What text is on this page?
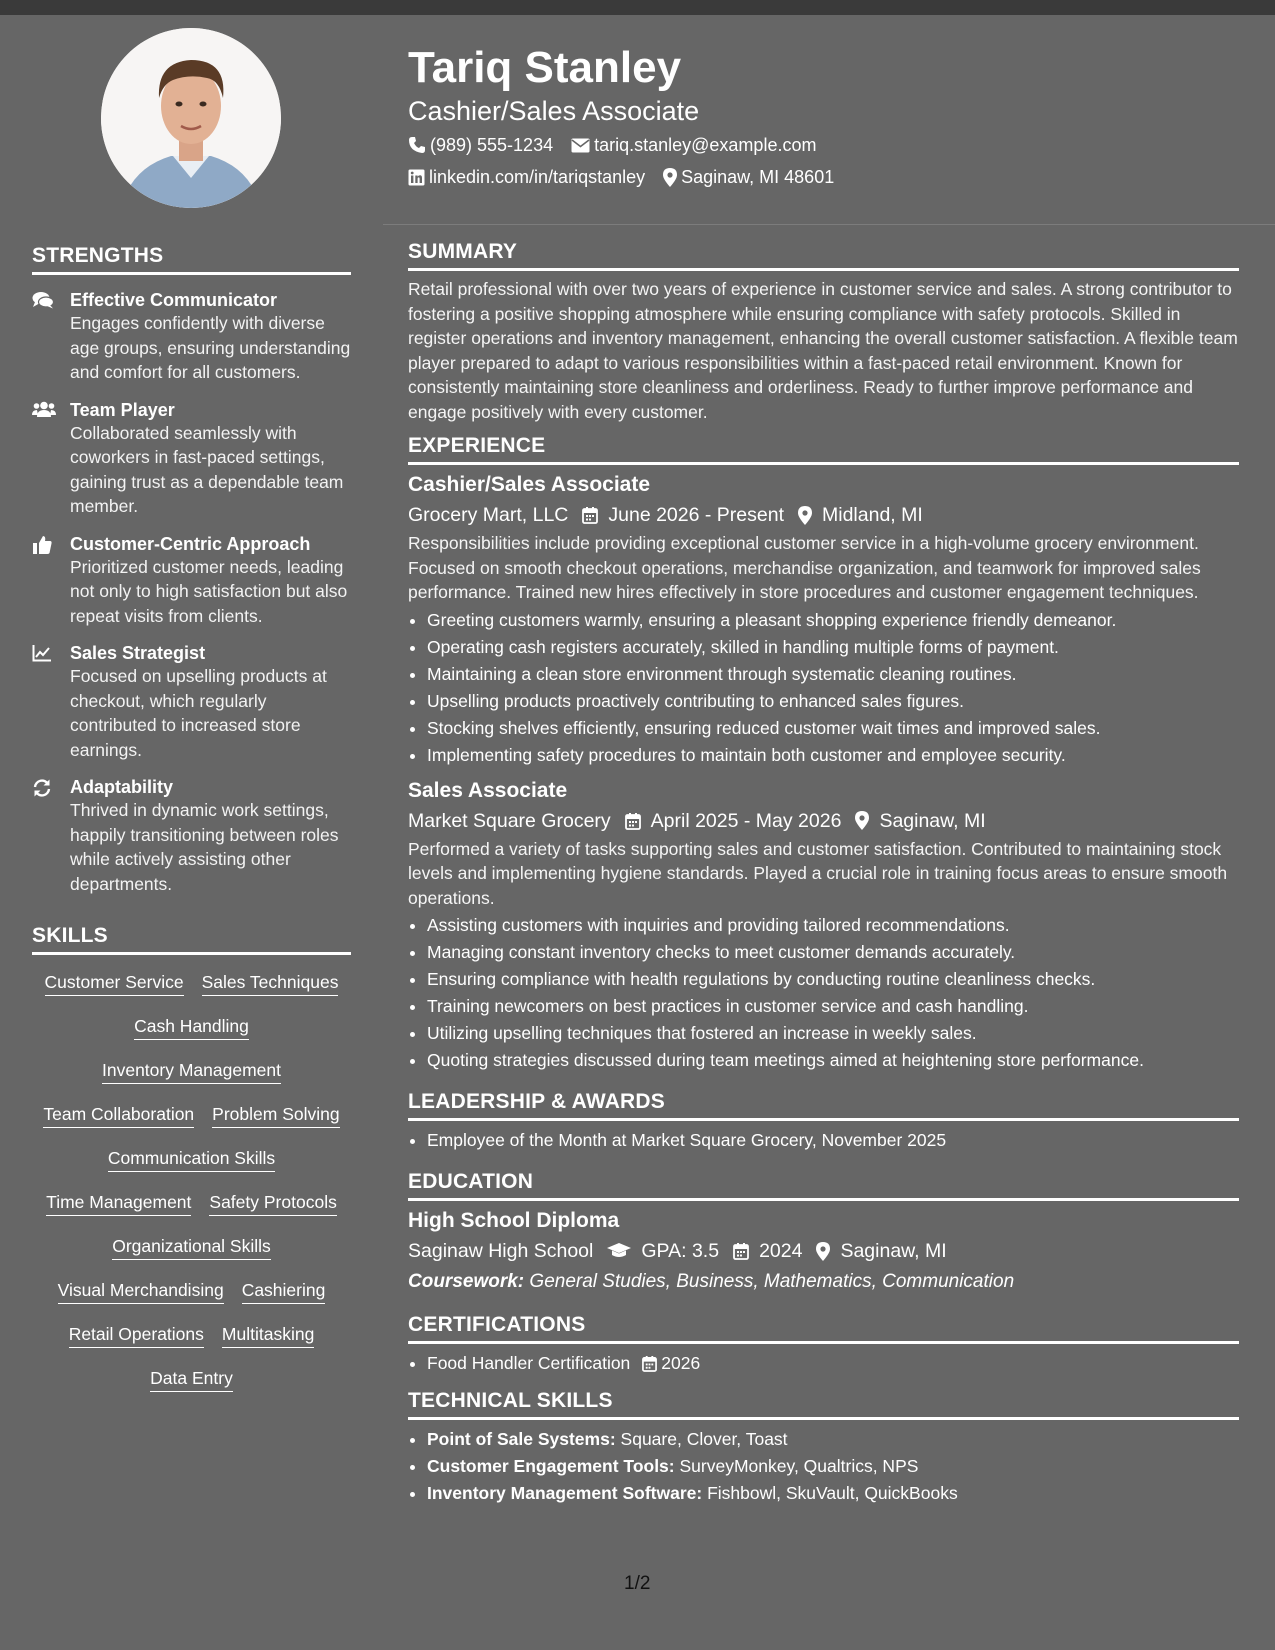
STRENGTHS
Effective Communicator
Engages confidently with diverse age groups, ensuring understanding and comfort for all customers.
Team Player
Collaborated seamlessly with coworkers in fast-paced settings, gaining trust as a dependable team member.
Customer-Centric Approach
Prioritized customer needs, leading not only to high satisfaction but also repeat visits from clients.
Sales Strategist
Focused on upselling products at checkout, which regularly contributed to increased store earnings.
Adaptability
Thrived in dynamic work settings, happily transitioning between roles while actively assisting other departments.
SKILLS
Customer Service Sales Techniques
Cash Handling
Inventory Management
Team Collaboration Problem Solving
Communication Skills
Time Management Safety Protocols
Organizational Skills
Visual Merchandising Cashiering
Retail Operations Multitasking
Data Entry
Tariq Stanley
Cashier/Sales Associate
(989) 555-1234 tariq.stanley@example.com
linkedin.com/in/tariqstanley Saginaw, MI 48601
SUMMARY
Retail professional with over two years of experience in customer service and sales. A strong contributor to fostering a positive shopping atmosphere while ensuring compliance with safety protocols. Skilled in register operations and inventory management, enhancing the overall customer satisfaction. A flexible team player prepared to adapt to various responsibilities within a fast-paced retail environment. Known for consistently maintaining store cleanliness and orderliness. Ready to further improve performance and engage positively with every customer.
EXPERIENCE
Cashier/Sales Associate
Grocery Mart, LLC June 2026 - Present Midland, MI
Responsibilities include providing exceptional customer service in a high-volume grocery environment. Focused on smooth checkout operations, merchandise organization, and teamwork for improved sales performance. Trained new hires effectively in store procedures and customer engagement techniques.
• Greeting customers warmly, ensuring a pleasant shopping experience friendly demeanor.
• Operating cash registers accurately, skilled in handling multiple forms of payment.
• Maintaining a clean store environment through systematic cleaning routines.
• Upselling products proactively contributing to enhanced sales figures.
• Stocking shelves efficiently, ensuring reduced customer wait times and improved sales.
• Implementing safety procedures to maintain both customer and employee security.
Sales Associate
Market Square Grocery April 2025 - May 2026 Saginaw, MI
Performed a variety of tasks supporting sales and customer satisfaction. Contributed to maintaining stock levels and implementing hygiene standards. Played a crucial role in training focus areas to ensure smooth operations.
• Assisting customers with inquiries and providing tailored recommendations.
• Managing constant inventory checks to meet customer demands accurately.
• Ensuring compliance with health regulations by conducting routine cleanliness checks.
• Training newcomers on best practices in customer service and cash handling.
• Utilizing upselling techniques that fostered an increase in weekly sales.
• Quoting strategies discussed during team meetings aimed at heightening store performance.
LEADERSHIP & AWARDS
• Employee of the Month at Market Square Grocery, November 2025
EDUCATION
High School Diploma
Saginaw High School GPA: 3.5 2024 Saginaw, MI
Coursework: General Studies, Business, Mathematics, Communication
CERTIFICATIONS
• Food Handler Certification 2026
TECHNICAL SKILLS
• Point of Sale Systems: Square, Clover, Toast
• Customer Engagement Tools: SurveyMonkey, Qualtrics, NPS
• Inventory Management Software: Fishbowl, SkuVault, QuickBooks
1/2
